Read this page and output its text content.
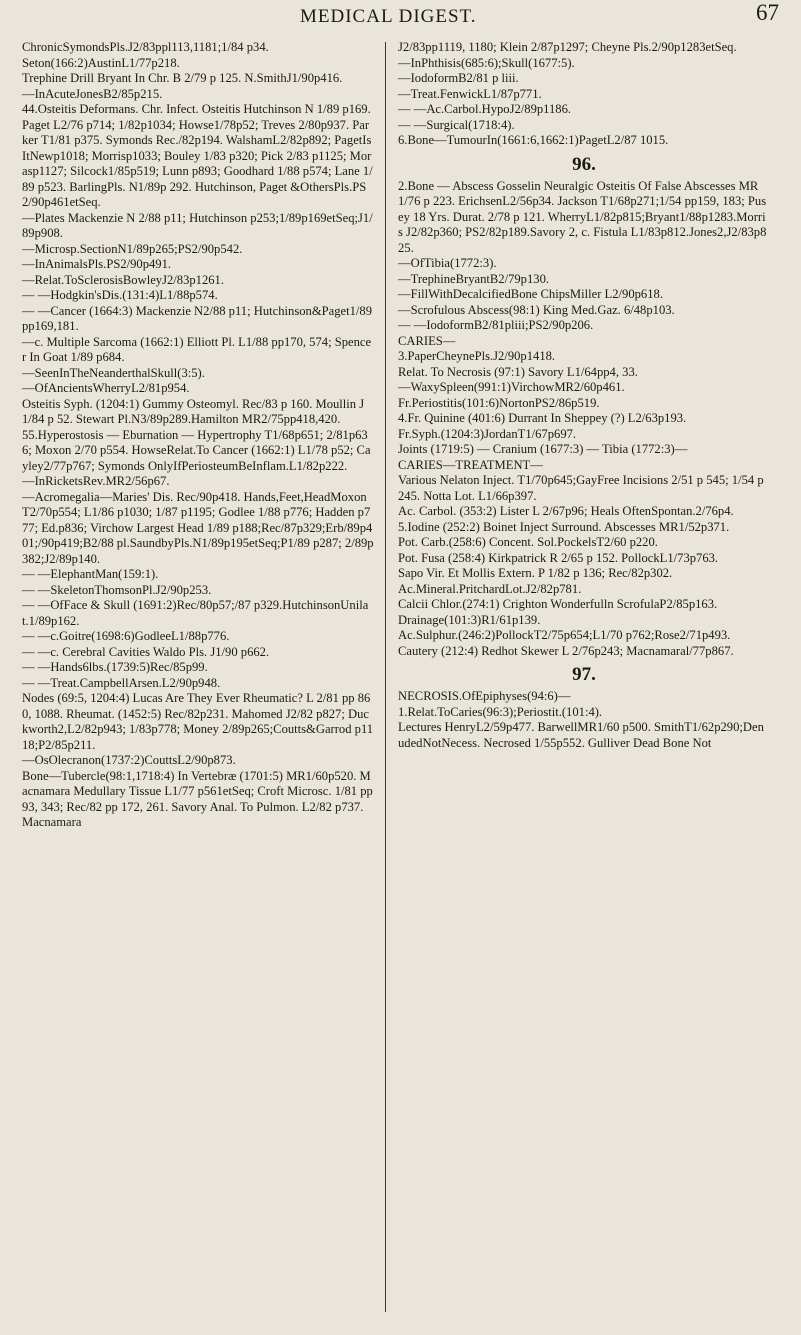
MEDICAL DIGEST.	67
ChronicSymondsPls.J2/83ppl113,1181;1/84 p34.
Seton(166:2)AustinL1/77p218.
Trephine Drill Bryant In Chr. B 2/79 p 125. N.SmithJ1/90p416.
—InAcuteJonesB2/85p215.
44.Osteitis Deformans. Chr. Infect. Osteitis Hutchinson N 1/89 p169. Paget L2/76 p714; 1/82p1034; Howse1/78p52; Treves 2/80p937. Parker T1/81 p375. Symonds Rec./82p194. WalshamL2/82p892; PagetIsItNewp1018; Morrisp1033; Bouley 1/83 p320; Pick 2/83 p1125; Morasp1127; Silcock1/85p519; Lunn p893; Goodhard 1/88 p574; Lane 1/89 p523. BarlingPls. N1/89p 292. Hutchinson, Paget &OthersPls.PS2/90p461etSeq.
—Plates Mackenzie N 2/88 p11; Hutchinson p253;1/89p169etSeq;J1/89p908.
—Microsp.SectionN1/89p265;PS2/90p542.
—InAnimalsPls.PS2/90p491.
—Relat.ToSclerosisBowleyJ2/83p1261.
— —Hodgkin'sDis.(131:4)L1/88p574.
— —Cancer (1664:3) Mackenzie N2/88 p11; Hutchinson&Paget1/89pp169,181.
—c. Multiple Sarcoma (1662:1) Elliott Pl. L1/88 pp170, 574; Spencer In Goat 1/89 p684.
—SeenInTheNeanderthalSkull(3:5).
—OfAncientsWherryL2/81p954.
Osteitis Syph. (1204:1) Gummy Osteomyl. Rec/83 p 160. Moullin J 1/84 p 52. Stewart Pl.N3/89p289.Hamilton MR2/75pp418,420.
55.Hyperostosis — Eburnation — Hypertrophy T1/68p651; 2/81p636; Moxon 2/70 p554. HowseRelat.To Cancer (1662:1) L1/78 p52; Cayley2/77p767; Symonds OnlyIfPeriosteumBeInflam.L1/82p222.
—InRicketsRev.MR2/56p67.
—Acromegalia—Maries' Dis. Rec/90p418. Hands,Feet,HeadMoxonT2/70p554; L1/86 p1030; 1/87 p1195; Godlee 1/88 p776; Hadden p777; Ed.p836; Virchow Largest Head 1/89 p188;Rec/87p329;Erb/89p401;/90p419;B2/88 pl.SaundbyPls.N1/89p195etSeq;P1/89 p287; 2/89p382;J2/89p140.
— —ElephantMan(159:1).
— —SkeletonThomsonPl.J2/90p253.
— —OfFace & Skull (1691:2)Rec/80p57;/87 p329.HutchinsonUnilat.1/89p162.
— —c.Goitre(1698:6)GodleeL1/88p776.
— —c. Cerebral Cavities Waldo Pls. J1/90 p662.
— —Hands6lbs.(1739:5)Rec/85p99.
— —Treat.CampbellArsen.L2/90p948.
Nodes (69:5, 1204:4) Lucas Are They Ever Rheumatic? L 2/81 pp 860, 1088. Rheumat. (1452:5) Rec/82p231. Mahomed J2/82 p827; Duckworth2,L2/82p943; 1/83p778; Money 2/89p265;Coutts&Garrod p1118;P2/85p211.
—OsOlecranon(1737:2)CouttsL2/90p873.
Bone—Tubercle(98:1,1718:4) In Vertebræ (1701:5) MR1/60p520. Macnamara Medullary Tissue L1/77 p561etSeq; Croft Microsc. 1/81 pp93, 343; Rec/82 pp 172, 261. Savory Anal. To Pulmon. L2/82 p737. Macnamara
J2/83pp1119, 1180; Klein 2/87p1297; Cheyne Pls.2/90p1283etSeq.
—InPhthisis(685:6);Skull(1677:5).
—IodoformB2/81 p liii.
—Treat.FenwickL1/87p771.
— —Ac.Carbol.HypoJ2/89p1186.
— —Surgical(1718:4).
6.Bone—TumourIn(1661:6,1662:1)PagetL2/87 1015.
96.
2.Bone — Abscess Gosselin Neuralgic Osteitis Of False Abscesses MR 1/76 p 223. ErichsenL2/56p34. Jackson T1/68p271;1/54 pp159, 183; Pusey 18 Yrs. Durat. 2/78 p 121. WherryL1/82p815;Bryant1/88p1283.Morris J2/82p360; PS2/82p189.Savory 2, c. Fistula L1/83p812.Jones2,J2/83p825.
—OfTibia(1772:3).
—TrephineBryantB2/79p130.
—FillWithDecalcifiedBone ChipsMiller L2/90p618.
—Scrofulous Abscess(98:1) King Med.Gaz. 6/48p103.
— —IodoformB2/81pliii;PS2/90p206.
CARIES—
3.PaperCheynePls.J2/90p1418.
Relat. To Necrosis (97:1) Savory L1/64pp4, 33.
—WaxySpleen(991:1)VirchowMR2/60p461.
Fr.Periostitis(101:6)NortonPS2/86p519.
4.Fr. Quinine (401:6) Durrant In Sheppey (?) L2/63p193.
Fr.Syph.(1204:3)JordanT1/67p697.
Joints (1719:5) — Cranium (1677:3) — Tibia (1772:3)—
CARIES—TREATMENT—
Various Nelaton Inject. T1/70p645;GayFree Incisions 2/51 p 545; 1/54 p 245. Notta Lot. L1/66p397.
Ac. Carbol. (353:2) Lister L 2/67p96; Heals OftenSpontan.2/76p4.
5.Iodine (252:2) Boinet Inject Surround. Abscesses MR1/52p371.
Pot. Carb.(258:6) Concent. Sol.PockelsT2/60 p220.
Pot. Fusa (258:4) Kirkpatrick R 2/65 p 152. PollockL1/73p763.
Sapo Vir. Et Mollis Extern. P 1/82 p 136; Rec/82p302.
Ac.Mineral.PritchardLot.J2/82p781.
Calcii Chlor.(274:1) Crighton Wonderfulln ScrofulaP2/85p163.
Drainage(101:3)R1/61p139.
Ac.Sulphur.(246:2)PollockT2/75p654;L1/70 p762;Rose2/71p493.
Cautery (212:4) Redhot Skewer L 2/76p243; Macnamaral/77p867.
97.
NECROSIS.OfEpiphyses(94:6)—
1.Relat.ToCaries(96:3);Periostit.(101:4).
Lectures HenryL2/59p477. BarwellMR1/60 p500. SmithT1/62p290;DenudedNotNecess. Necrosed 1/55p552. Gulliver Dead Bone Not
